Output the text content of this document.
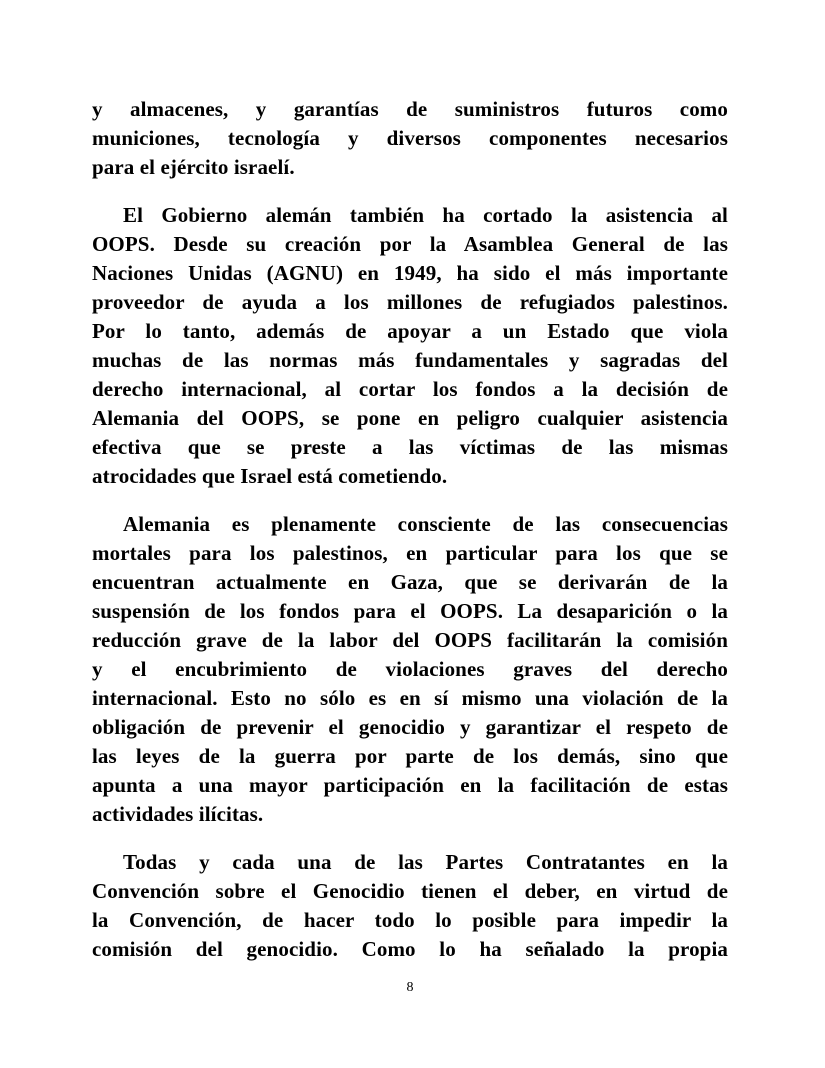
y almacenes, y garantías de suministros futuros como
municiones, tecnología y diversos componentes necesarios
para el ejército israelí.
El Gobierno alemán también ha cortado la asistencia al
OOPS. Desde su creación por la Asamblea General de las
Naciones Unidas (AGNU) en 1949, ha sido el más importante
proveedor de ayuda a los millones de refugiados palestinos.
Por lo tanto, además de apoyar a un Estado que viola
muchas de las normas más fundamentales y sagradas del
derecho internacional, al cortar los fondos a la decisión de
Alemania del OOPS, se pone en peligro cualquier asistencia
efectiva que se preste a las víctimas de las mismas
atrocidades que Israel está cometiendo.
Alemania es plenamente consciente de las consecuencias
mortales para los palestinos, en particular para los que se
encuentran actualmente en Gaza, que se derivarán de la
suspensión de los fondos para el OOPS. La desaparición o la
reducción grave de la labor del OOPS facilitarán la comisión
y el encubrimiento de violaciones graves del derecho
internacional. Esto no sólo es en sí mismo una violación de la
obligación de prevenir el genocidio y garantizar el respeto de
las leyes de la guerra por parte de los demás, sino que
apunta a una mayor participación en la facilitación de estas
actividades ilícitas.
Todas y cada una de las Partes Contratantes en la
Convención sobre el Genocidio tienen el deber, en virtud de
la Convención, de hacer todo lo posible para impedir la
comisión del genocidio. Como lo ha señalado la propia
8
